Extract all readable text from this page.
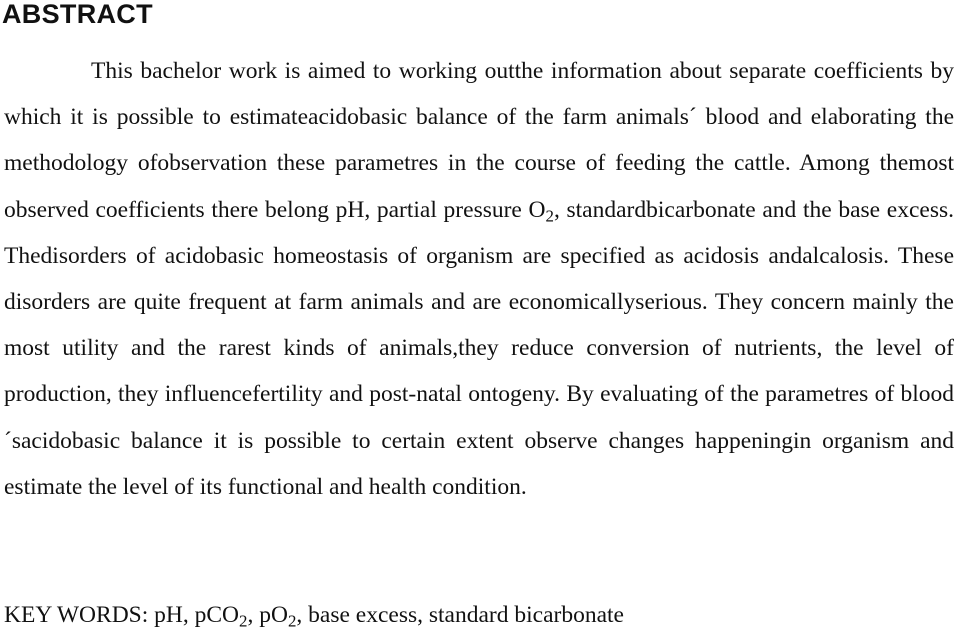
ABSTRACT

This bachelor work is aimed to working outthe information about separate coefficients by which it is possible to estimateacidobasic balance of the farm animals´ blood and elaborating the methodology ofobservation these parametres in the course of feeding the cattle. Among themost observed coefficients there belong pH, partial pressure $O_2$, standardbicarbonate and the base excess. Thedisorders of acidobasic homeostasis of organism are specified as acidosis andalcalosis. These disorders are quite frequent at farm animals and are economicallyserious. They concern mainly the most utility and the rarest kinds of animals,they reduce conversion of nutrients, the level of production, they influencefertility and post-natal ontogeny. By evaluating of the parametres of blood´sacidobasic balance it is possible to certain extent observe changes happeningin organism and estimate the level of its functional and health condition.

KEY WORDS: pH, pCO$_2$, $pO_2$, base excess, standard bicarbonate
